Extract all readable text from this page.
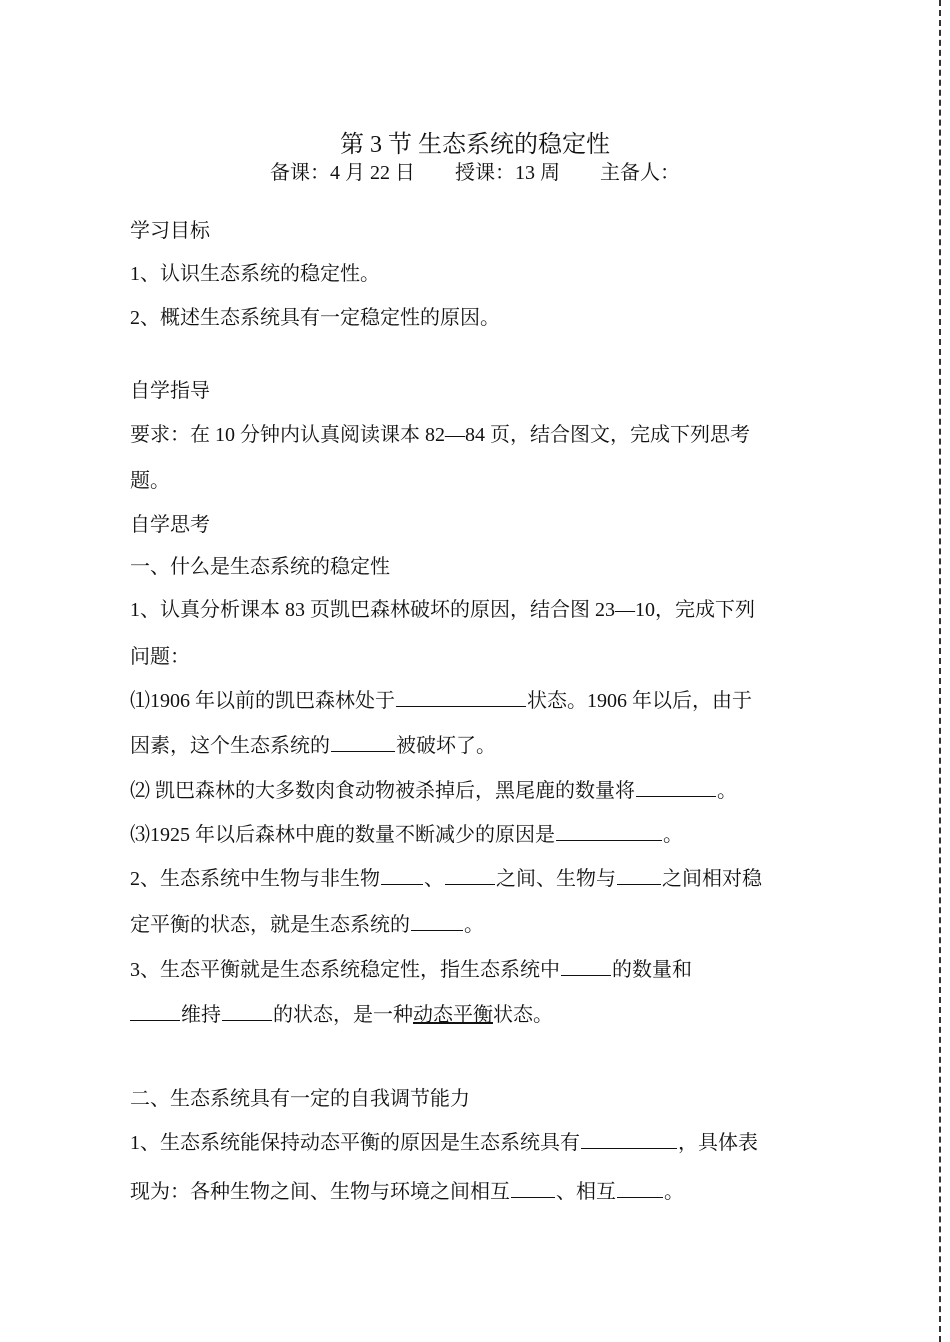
第 3 节 生态系统的稳定性
备课：4 月 22 日 授课：13 周 主备人：
学习目标
1、认识生态系统的稳定性。
2、概述生态系统具有一定稳定性的原因。
自学指导
要求：在 10 分钟内认真阅读课本 82—84 页，结合图文，完成下列思考
题。
自学思考
一、什么是生态系统的稳定性
1、认真分析课本 83 页凯巴森林破坏的原因，结合图 23—10，完成下列
问题：
⑴1906 年以前的凯巴森林处于	状态。1906 年以后，由于
因素，这个生态系统的	被破坏了。
⑵ 凯巴森林的大多数肉食动物被杀掉后，黑尾鹿的数量将	。
⑶1925 年以后森林中鹿的数量不断减少的原因是	。
2、生态系统中生物与非生物 、	之间、生物与 之间相对稳
定平衡的状态，就是生态系统的	。
3、生态平衡就是生态系统稳定性，指生态系统中	的数量和
维持	的状态，是一种动态平衡状态。
二、生态系统具有一定的自我调节能力
1、生态系统能保持动态平衡的原因是生态系统具有	，具体表
现为：各种生物之间、生物与环境之间相互 、相互 。
